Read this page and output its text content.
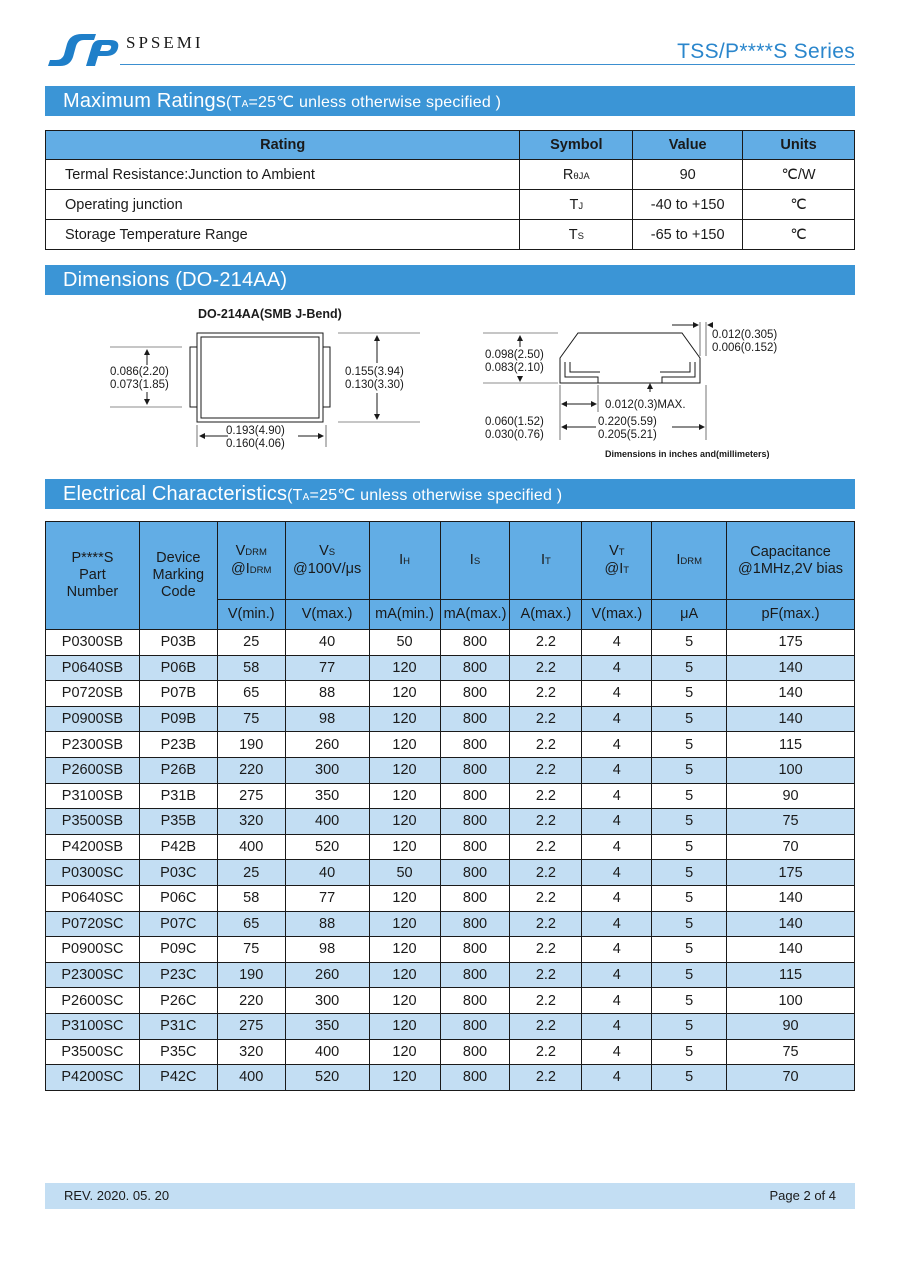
SPSEMI	TSS/P****S Series
Maximum Ratings(TA=25℃ unless otherwise specified )
Rating	Symbol	Value	Units
Termal Resistance:Junction to Ambient	RθJA	90	℃/W
Operating junction	TJ	-40 to +150	℃
Storage Temperature Range	TS	-65 to +150	℃
Dimensions (DO-214AA)
DO-214AA(SMB J-Bend)
0.086(2.20)
0.073(1.85)
0.155(3.94)
0.130(3.30)
0.193(4.90)
0.160(4.06)
0.098(2.50)
0.083(2.10)
0.012(0.305)
0.006(0.152)
0.012(0.3)MAX.
0.060(1.52)
0.030(0.76)
0.220(5.59)
0.205(5.21)
Dimensions in inches and(millimeters)
Electrical Characteristics(TA=25℃ unless otherwise specified )
P****S
Part
Number	Device
Marking
Code	VDRM
@IDRM	VS
@100V/μs	IH	IS	IT	VT
@IT	IDRM	Capacitance
@1MHz,2V bias
		V(min.)	V(max.)	mA(min.)	mA(max.)	A(max.)	V(max.)	μA	pF(max.)
P0300SB	P03B	25	40	50	800	2.2	4	5	175
P0640SB	P06B	58	77	120	800	2.2	4	5	140
P0720SB	P07B	65	88	120	800	2.2	4	5	140
P0900SB	P09B	75	98	120	800	2.2	4	5	140
P2300SB	P23B	190	260	120	800	2.2	4	5	115
P2600SB	P26B	220	300	120	800	2.2	4	5	100
P3100SB	P31B	275	350	120	800	2.2	4	5	90
P3500SB	P35B	320	400	120	800	2.2	4	5	75
P4200SB	P42B	400	520	120	800	2.2	4	5	70
P0300SC	P03C	25	40	50	800	2.2	4	5	175
P0640SC	P06C	58	77	120	800	2.2	4	5	140
P0720SC	P07C	65	88	120	800	2.2	4	5	140
P0900SC	P09C	75	98	120	800	2.2	4	5	140
P2300SC	P23C	190	260	120	800	2.2	4	5	115
P2600SC	P26C	220	300	120	800	2.2	4	5	100
P3100SC	P31C	275	350	120	800	2.2	4	5	90
P3500SC	P35C	320	400	120	800	2.2	4	5	75
P4200SC	P42C	400	520	120	800	2.2	4	5	70
REV. 2020. 05. 20	Page 2 of 4
